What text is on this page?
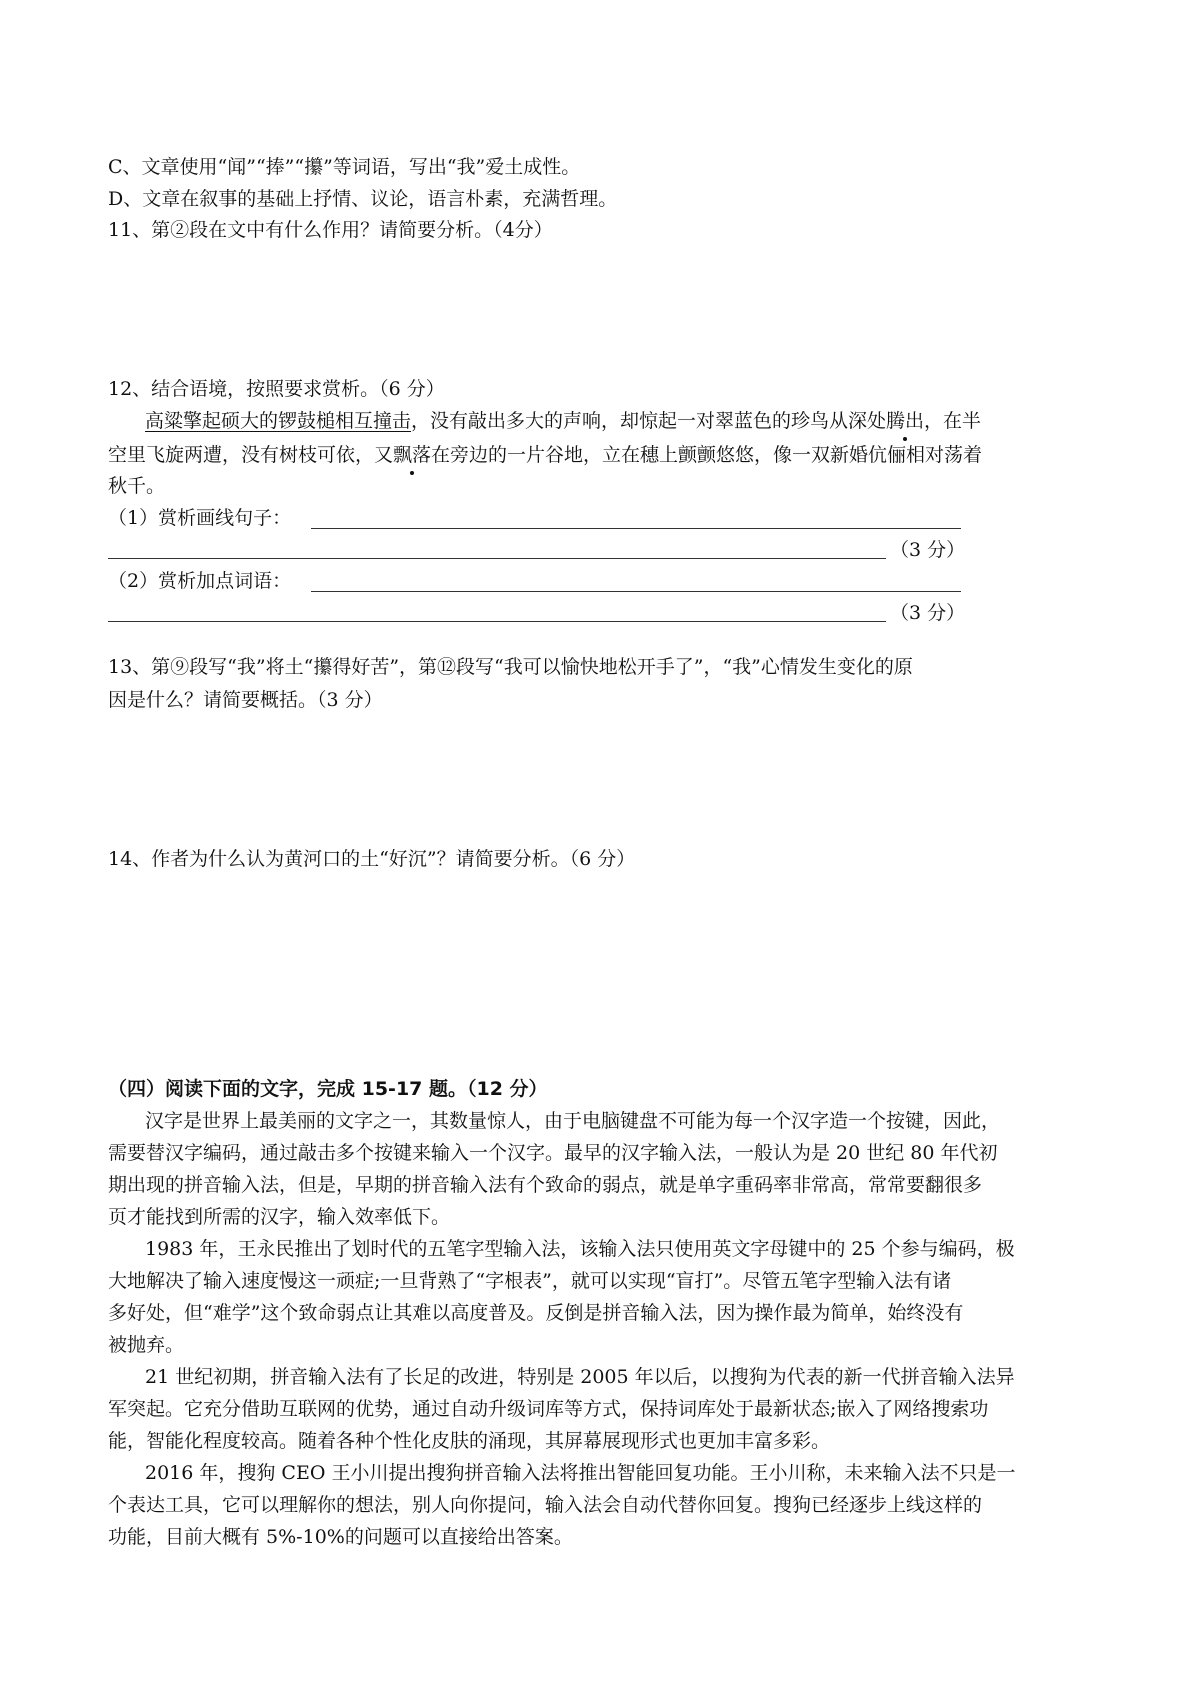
C、文章使用“闻”“捧”“攥”等词语，写出“我”爱土成性。
D、文章在叙事的基础上抒情、议论，语言朴素，充满哲理。
11、第②段在文中有什么作用？请简要分析。（4分）
12、结合语境，按照要求赏析。（6 分）
高粱擎起硕大的锣鼓槌相互撞击，没有敲出多大的声响，却惊起一对翠蓝色的珍鸟从深处腾出，在半
空里飞旋两遭，没有树枝可依，又飘落在旁边的一片谷地，立在穗上颤颤悠悠，像一双新婚伉俪相对荡着
秋千。
（1）赏析画线句子：
（3 分）
（2）赏析加点词语：
（3 分）
13、第⑨段写“我”将土“攥得好苦”，第⑫段写“我可以愉快地松开手了”，“我”心情发生变化的原
因是什么？请简要概括。（3 分）
14、作者为什么认为黄河口的土“好沉”？请简要分析。（6 分）
（四）阅读下面的文字，完成 15-17 题。（12 分）
汉字是世界上最美丽的文字之一，其数量惊人，由于电脑键盘不可能为每一个汉字造一个按键，因此，
需要替汉字编码，通过敲击多个按键来输入一个汉字。最早的汉字输入法，一般认为是 20 世纪 80 年代初
期出现的拼音输入法，但是，早期的拼音输入法有个致命的弱点，就是单字重码率非常高，常常要翻很多
页才能找到所需的汉字，输入效率低下。
1983 年，王永民推出了划时代的五笔字型输入法，该输入法只使用英文字母键中的 25 个参与编码，极
大地解决了输入速度慢这一顽症;一旦背熟了“字根表”，就可以实现“盲打”。尽管五笔字型输入法有诸
多好处，但“难学”这个致命弱点让其难以高度普及。反倒是拼音输入法，因为操作最为简单，始终没有
被抛弃。
21 世纪初期，拼音输入法有了长足的改进，特别是 2005 年以后，以搜狗为代表的新一代拼音输入法异
军突起。它充分借助互联网的优势，通过自动升级词库等方式，保持词库处于最新状态;嵌入了网络搜索功
能，智能化程度较高。随着各种个性化皮肤的涌现，其屏幕展现形式也更加丰富多彩。
2016 年，搜狗 CEO 王小川提出搜狗拼音输入法将推出智能回复功能。王小川称，未来输入法不只是一
个表达工具，它可以理解你的想法，别人向你提问，输入法会自动代替你回复。搜狗已经逐步上线这样的
功能，目前大概有 5%-10%的问题可以直接给出答案。
